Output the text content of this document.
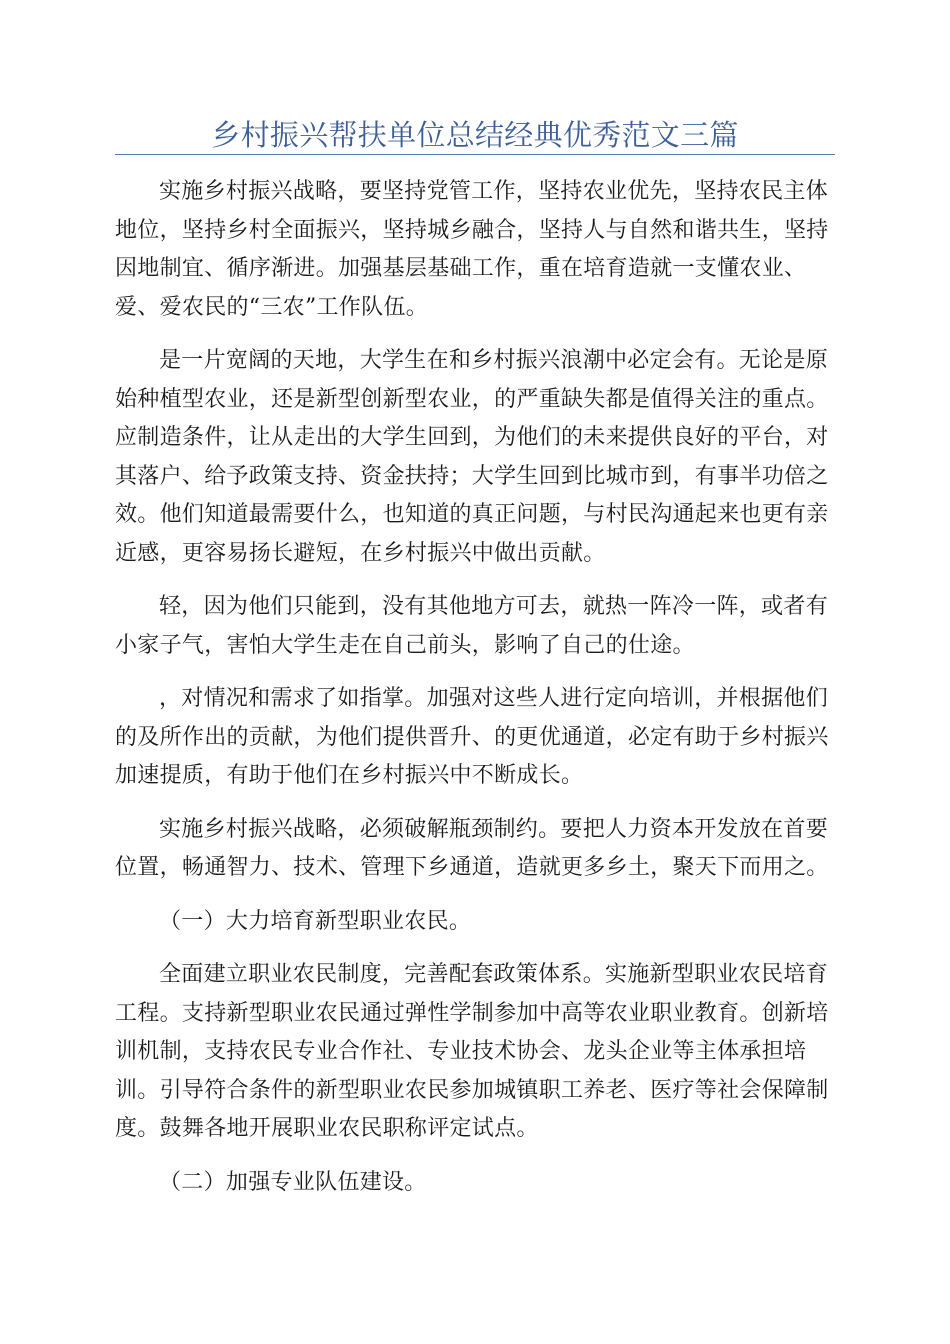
乡村振兴帮扶单位总结经典优秀范文三篇

实施乡村振兴战略，要坚持党管工作，坚持农业优先，坚持农民主体地位，坚持乡村全面振兴，坚持城乡融合，坚持人与自然和谐共生，坚持因地制宜、循序渐进。加强基层基础工作，重在培育造就一支懂农业、爱、爱农民的“三农”工作队伍。

是一片宽阔的天地，大学生在和乡村振兴浪潮中必定会有。无论是原始种植型农业，还是新型创新型农业，的严重缺失都是值得关注的重点。应制造条件，让从走出的大学生回到，为他们的未来提供良好的平台，对其落户、给予政策支持、资金扶持；大学生回到比城市到，有事半功倍之效。他们知道最需要什么，也知道的真正问题，与村民沟通起来也更有亲近感，更容易扬长避短，在乡村振兴中做出贡献。

轻，因为他们只能到，没有其他地方可去，就热一阵冷一阵，或者有小家子气，害怕大学生走在自己前头，影响了自己的仕途。

，对情况和需求了如指掌。加强对这些人进行定向培训，并根据他们的及所作出的贡献，为他们提供晋升、的更优通道，必定有助于乡村振兴加速提质，有助于他们在乡村振兴中不断成长。

实施乡村振兴战略，必须破解瓶颈制约。要把人力资本开发放在首要位置，畅通智力、技术、管理下乡通道，造就更多乡土，聚天下而用之。

（一）大力培育新型职业农民。

全面建立职业农民制度，完善配套政策体系。实施新型职业农民培育工程。支持新型职业农民通过弹性学制参加中高等农业职业教育。创新培训机制，支持农民专业合作社、专业技术协会、龙头企业等主体承担培训。引导符合条件的新型职业农民参加城镇职工养老、医疗等社会保障制度。鼓舞各地开展职业农民职称评定试点。

（二）加强专业队伍建设。
